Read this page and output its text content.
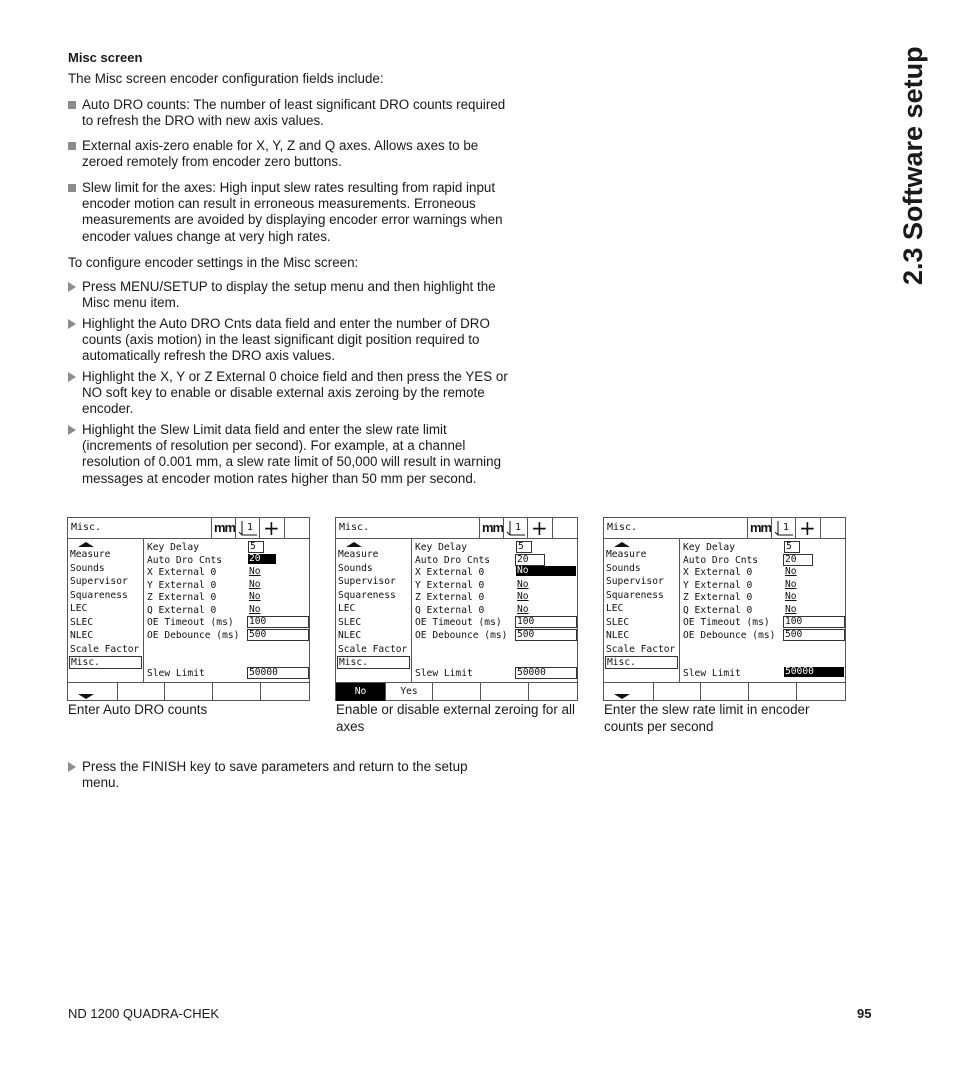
Misc screen
The Misc screen encoder configuration fields include:
Auto DRO counts: The number of least significant DRO counts required to refresh the DRO with new axis values.
External axis-zero enable for X, Y, Z and Q axes. Allows axes to be zeroed remotely from encoder zero buttons.
Slew limit for the axes: High input slew rates resulting from rapid input encoder motion can result in erroneous measurements. Erroneous measurements are avoided by displaying encoder error warnings when encoder values change at very high rates.
To configure encoder settings in the Misc screen:
Press MENU/SETUP to display the setup menu and then highlight the Misc menu item.
Highlight the Auto DRO Cnts data field and enter the number of DRO counts (axis motion) in the least significant digit position required to automatically refresh the DRO axis values.
Highlight the X, Y or Z External 0 choice field and then press the YES or NO soft key to enable or disable external axis zeroing by the remote encoder.
Highlight the Slew Limit data field and enter the slew rate limit (increments of resolution per second). For example, at a channel resolution of 0.001 mm, a slew rate limit of 50,000 will result in warning messages at encoder motion rates higher than 50 mm per second.
2.3 Software setup
Misc.	mm 1 +
Measure
Sounds
Supervisor
Squareness
LEC
SLEC
NLEC
Scale Factor
Misc.
Key Delay	5
Auto Dro Cnts	20
X External 0	No
Y External 0	No
Z External 0	No
Q External 0	No
OE Timeout (ms) 100
OE Debounce (ms) 500
Slew Limit	50000
Misc.	mm 1 +
Measure
Sounds
Supervisor
Squareness
LEC
SLEC
NLEC
Scale Factor
Misc.
Key Delay	5
Auto Dro Cnts	20
X External 0	No
Y External 0	No
Z External 0	No
Q External 0	No
OE Timeout (ms) 100
OE Debounce (ms) 500
Slew Limit	50000
No	Yes
Misc.	mm 1 +
Measure
Sounds
Supervisor
Squareness
LEC
SLEC
NLEC
Scale Factor
Misc.
Key Delay	5
Auto Dro Cnts	20
X External 0	No
Y External 0	No
Z External 0	No
Q External 0	No
OE Timeout (ms) 100
OE Debounce (ms) 500
Slew Limit	50000
Enter Auto DRO counts	Enable or disable external zeroing for all axes
Enter the slew rate limit in encoder counts per second
Press the FINISH key to save parameters and return to the setup menu.
ND 1200 QUADRA-CHEK	95
